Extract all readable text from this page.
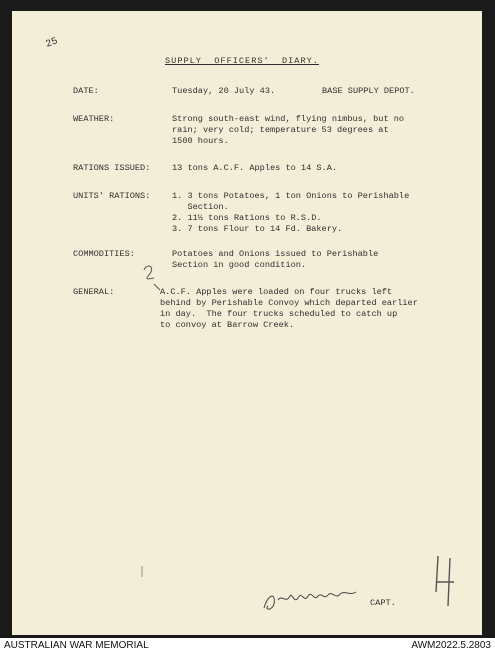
25
SUPPLY  OFFICERS'  DIARY.
DATE:	Tuesday, 20 July 43.	BASE SUPPLY DEPOT.
WEATHER:	Strong south-east wind, flying nimbus, but no
rain; very cold; temperature 53 degrees at
1500 hours.
RATIONS ISSUED:	13 tons A.C.F. Apples to 14 S.A.
UNITS' RATIONS:	1. 3 tons Potatoes, 1 ton Onions to Perishable
Section.
2. 11½ tons Rations to R.S.D.
3. 7 tons Flour to 14 Fd. Bakery.
COMMODITIES:	Potatoes and Onions issued to Perishable
Section in good condition.
GENERAL:	A.C.F. Apples were loaded on four trucks left
behind by Perishable Convoy which departed earlier
in day.  The four trucks scheduled to catch up
to convoy at Barrow Creek.
CAPT.
AUSTRALIAN WAR MEMORIAL	AWM2022.5.2803
